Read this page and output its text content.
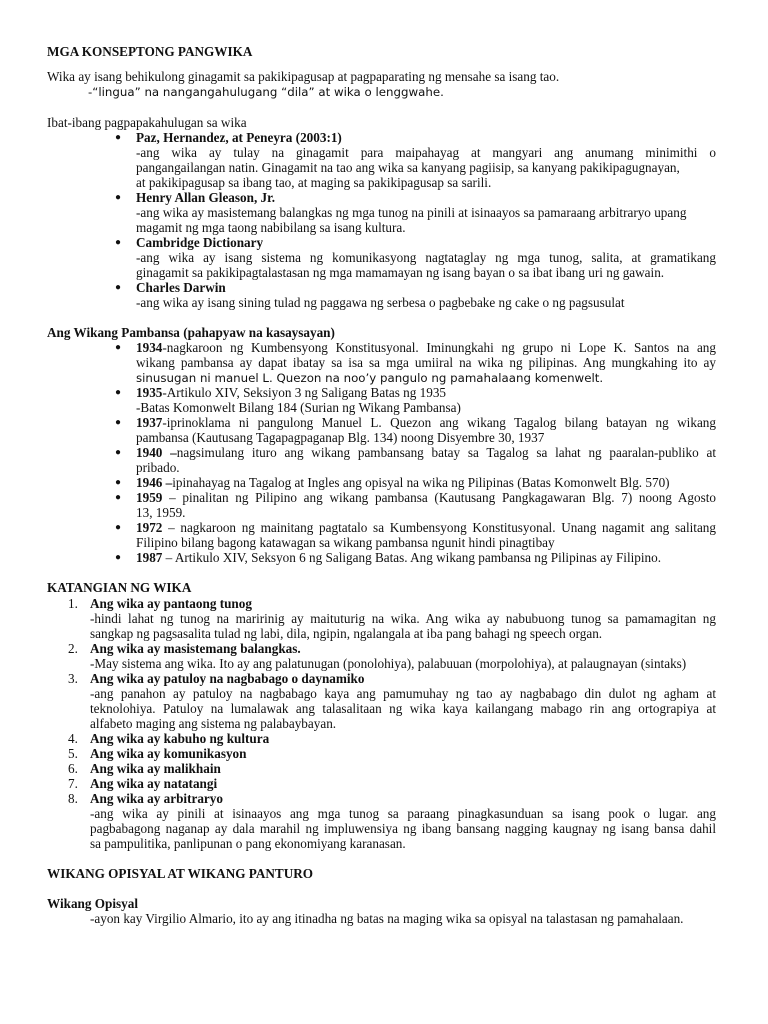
MGA KONSEPTONG PANGWIKA
Wika ay isang behikulong ginagamit sa pakikipagusap at pagpaparating ng mensahe sa isang tao.
-“lingua” na nangangahulugang “dila” at wika o lenggwahe.
Ibat-ibang pagpapakahulugan sa wika
● Paz, Hernandez, at Peneyra (2003:1)
-ang wika ay tulay na ginagamit para maipahayag at mangyari ang anumang minimithi o
pangangailangan natin. Ginagamit na tao ang wika sa kanyang pagiisip, sa kanyang pakikipagugnayan,
at pakikipagusap sa ibang tao, at maging sa pakikipagusap sa sarili.
● Henry Allan Gleason, Jr.
-ang wika ay masistemang balangkas ng mga tunog na pinili at isinaayos sa pamaraang arbitraryo upang
magamit ng mga taong nabibilang sa isang kultura.
● Cambridge Dictionary
-ang wika ay isang sistema ng komunikasyong nagtataglay ng mga tunog, salita, at gramatikang
ginagamit sa pakikipagtalastasan ng mga mamamayan ng isang bayan o sa ibat ibang uri ng gawain.
● Charles Darwin
-ang wika ay isang sining tulad ng paggawa ng serbesa o pagbebake ng cake o ng pagsusulat
Ang Wikang Pambansa (pahapyaw na kasaysayan)
● 1934-nagkaroon ng Kumbensyong Konstitusyonal. Iminungkahi ng grupo ni Lope K. Santos na ang
wikang pambansa ay dapat ibatay sa isa sa mga umiiral na wika ng pilipinas. Ang mungkahing ito ay
sinusugan ni manuel L. Quezon na noo’y pangulo ng pamahalaang komenwelt.
● 1935-Artikulo XIV, Seksiyon 3 ng Saligang Batas ng 1935
-Batas Komonwelt Bilang 184 (Surian ng Wikang Pambansa)
● 1937-iprinoklama ni pangulong Manuel L. Quezon ang wikang Tagalog bilang batayan ng wikang
pambansa (Kautusang Tagapagpaganap Blg. 134) noong Disyembre 30, 1937
● 1940 –nagsimulang ituro ang wikang pambansang batay sa Tagalog sa lahat ng paaralan-publiko at
pribado.
● 1946 –ipinahayag na Tagalog at Ingles ang opisyal na wika ng Pilipinas (Batas Komonwelt Blg. 570)
● 1959 – pinalitan ng Pilipino ang wikang pambansa (Kautusang Pangkagawaran Blg. 7) noong Agosto
13, 1959.
● 1972 – nagkaroon ng mainitang pagtatalo sa Kumbensyong Konstitusyonal. Unang nagamit ang salitang
Filipino bilang bagong katawagan sa wikang pambansa ngunit hindi pinagtibay
● 1987 – Artikulo XIV, Seksyon 6 ng Saligang Batas. Ang wikang pambansa ng Pilipinas ay Filipino.
KATANGIAN NG WIKA
1. Ang wika ay pantaong tunog
-hindi lahat ng tunog na maririnig ay maituturig na wika. Ang wika ay nabubuong tunog sa pamamagitan ng
sangkap ng pagsasalita tulad ng labi, dila, ngipin, ngalangala at iba pang bahagi ng speech organ.
2. Ang wika ay masistemang balangkas.
-May sistema ang wika. Ito ay ang palatunugan (ponolohiya), palabuuan (morpolohiya), at palaugnayan (sintaks)
3. Ang wika ay patuloy na nagbabago o daynamiko
-ang panahon ay patuloy na nagbabago kaya ang pamumuhay ng tao ay nagbabago din dulot ng agham at
teknolohiya. Patuloy na lumalawak ang talasalitaan ng wika kaya kailangang mabago rin ang ortograpiya at
alfabeto maging ang sistema ng palabaybayan.
4. Ang wika ay kabuho ng kultura
5. Ang wika ay komunikasyon
6. Ang wika ay malikhain
7. Ang wika ay natatangi
8. Ang wika ay arbitraryo
-ang wika ay pinili at isinaayos ang mga tunog sa paraang pinagkasunduan sa isang pook o lugar. ang
pagbabagong naganap ay dala marahil ng impluwensiya ng ibang bansang nagging kaugnay ng isang bansa dahil
sa pampulitika, panlipunan o pang ekonomiyang karanasan.
WIKANG OPISYAL AT WIKANG PANTURO
Wikang Opisyal
-ayon kay Virgilio Almario, ito ay ang itinadha ng batas na maging wika sa opisyal na talastasan ng pamahalaan.
